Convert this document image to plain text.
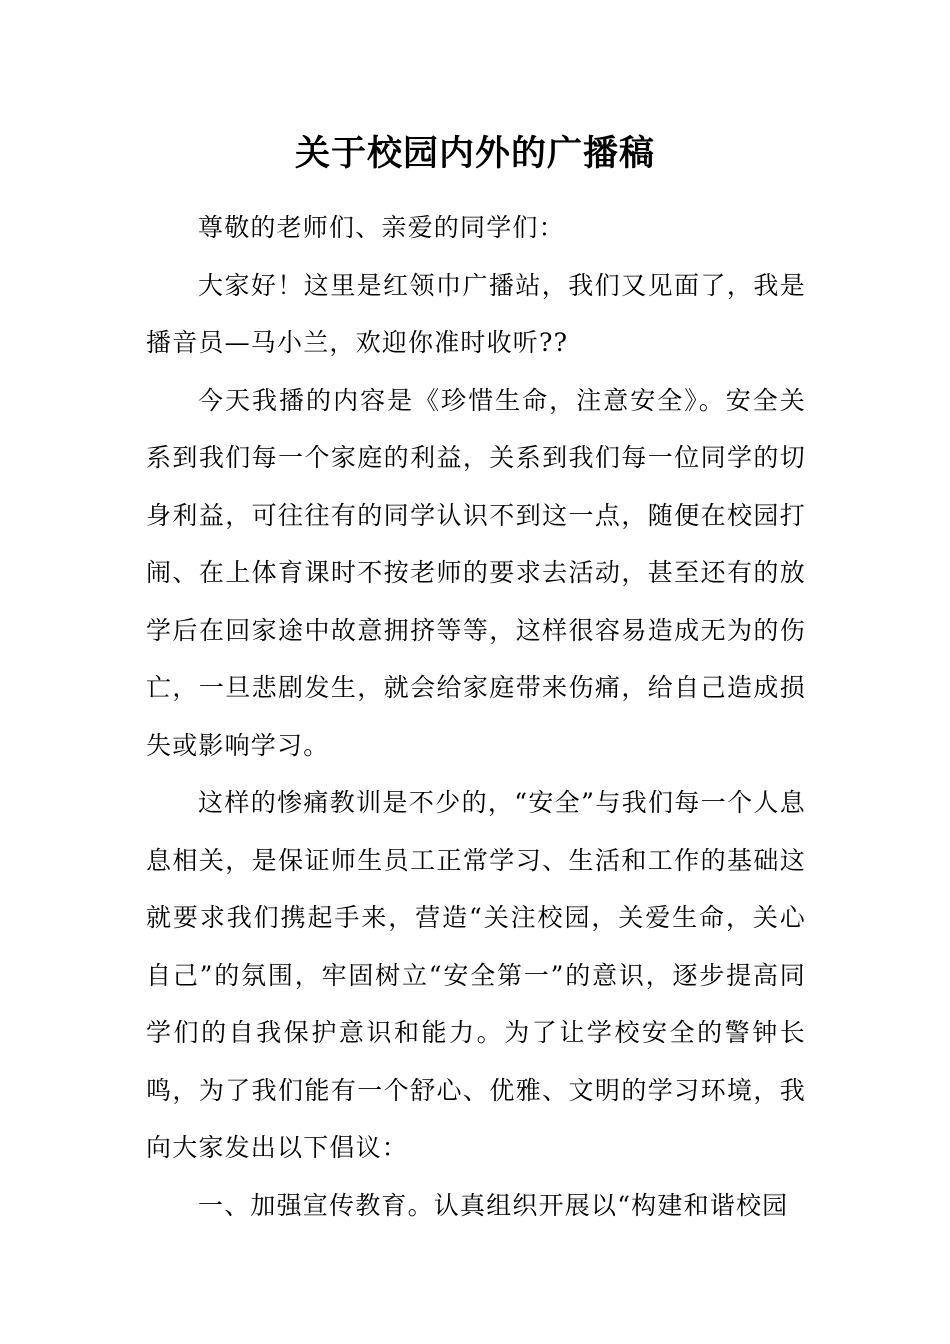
关于校园内外的广播稿

尊敬的老师们、亲爱的同学们：

大家好！这里是红领巾广播站，我们又见面了，我是播音员—马小兰，欢迎你准时收听??

今天我播的内容是《珍惜生命，注意安全》。安全关系到我们每一个家庭的利益，关系到我们每一位同学的切身利益，可往往有的同学认识不到这一点，随便在校园打闹、在上体育课时不按老师的要求去活动，甚至还有的放学后在回家途中故意拥挤等等，这样很容易造成无为的伤亡，一旦悲剧发生，就会给家庭带来伤痛，给自己造成损失或影响学习。

这样的惨痛教训是不少的，“安全”与我们每一个人息息相关，是保证师生员工正常学习、生活和工作的基础这就要求我们携起手来，营造“关注校园，关爱生命，关心自己”的氛围，牢固树立“安全第一”的意识，逐步提高同学们的自我保护意识和能力。为了让学校安全的警钟长鸣，为了我们能有一个舒心、优雅、文明的学习环境，我向大家发出以下倡议：

一、加强宣传教育。认真组织开展以“构建和谐校园
